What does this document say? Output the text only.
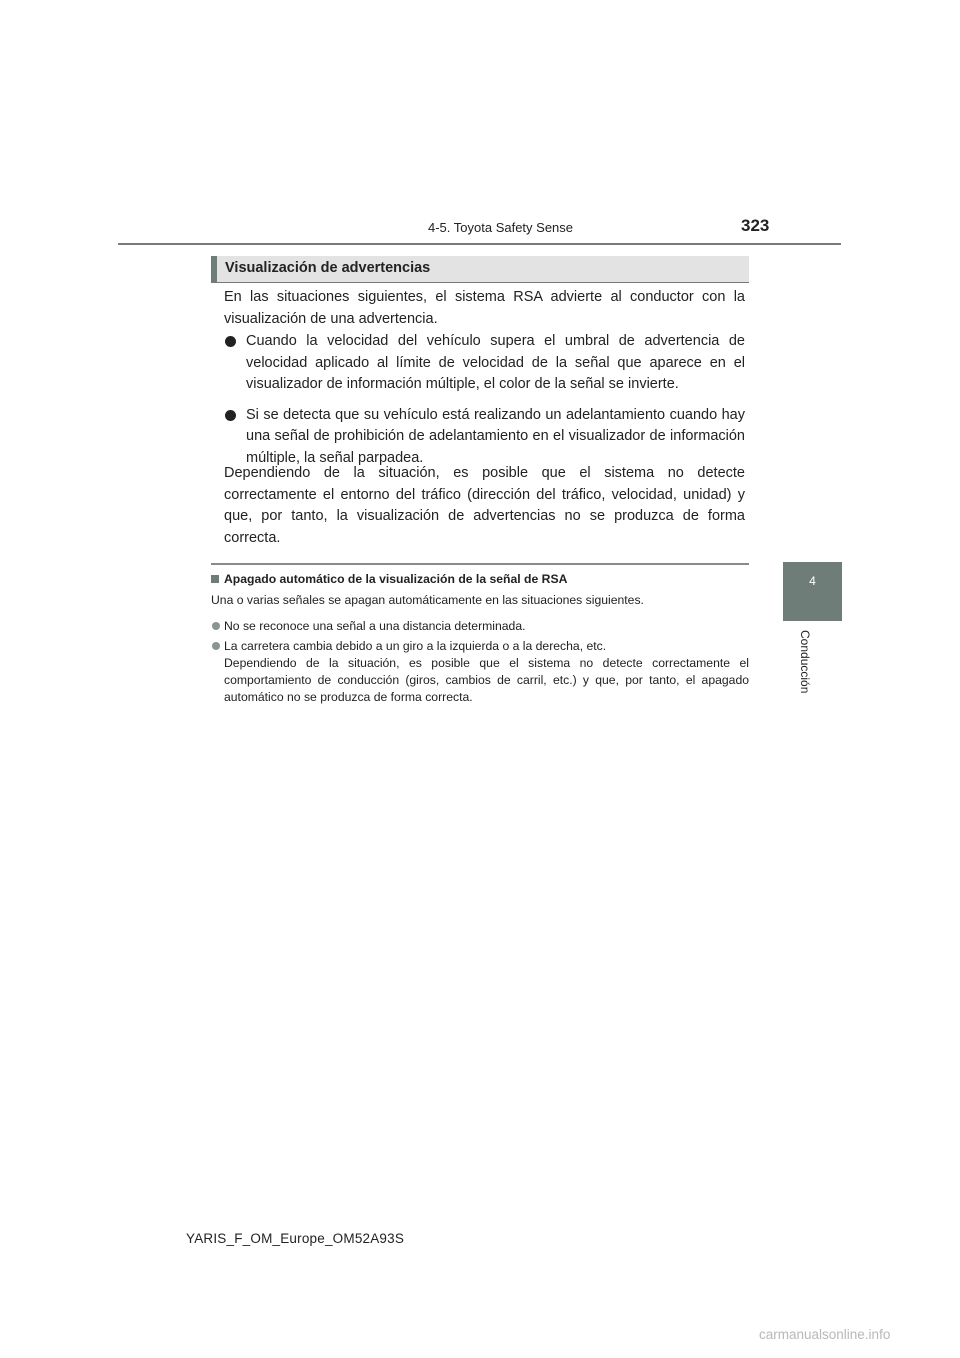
4-5. Toyota Safety Sense	323
4
Conducción
Visualización de advertencias
En las situaciones siguientes, el sistema RSA advierte al conductor con la visualización de una advertencia.
Cuando la velocidad del vehículo supera el umbral de advertencia de velocidad aplicado al límite de velocidad de la señal que aparece en el visualizador de información múltiple, el color de la señal se invierte.
Si se detecta que su vehículo está realizando un adelantamiento cuando hay una señal de prohibición de adelantamiento en el visualizador de información múltiple, la señal parpadea.
Dependiendo de la situación, es posible que el sistema no detecte correctamente el entorno del tráfico (dirección del tráfico, velocidad, unidad) y que, por tanto, la visualización de advertencias no se produzca de forma correcta.
Apagado automático de la visualización de la señal de RSA
Una o varias señales se apagan automáticamente en las situaciones siguientes.
No se reconoce una señal a una distancia determinada.
La carretera cambia debido a un giro a la izquierda o a la derecha, etc.
Dependiendo de la situación, es posible que el sistema no detecte correctamente el comportamiento de conducción (giros, cambios de carril, etc.) y que, por tanto, el apagado automático no se produzca de forma correcta.
YARIS_F_OM_Europe_OM52A93S
carmanualsonline.info
